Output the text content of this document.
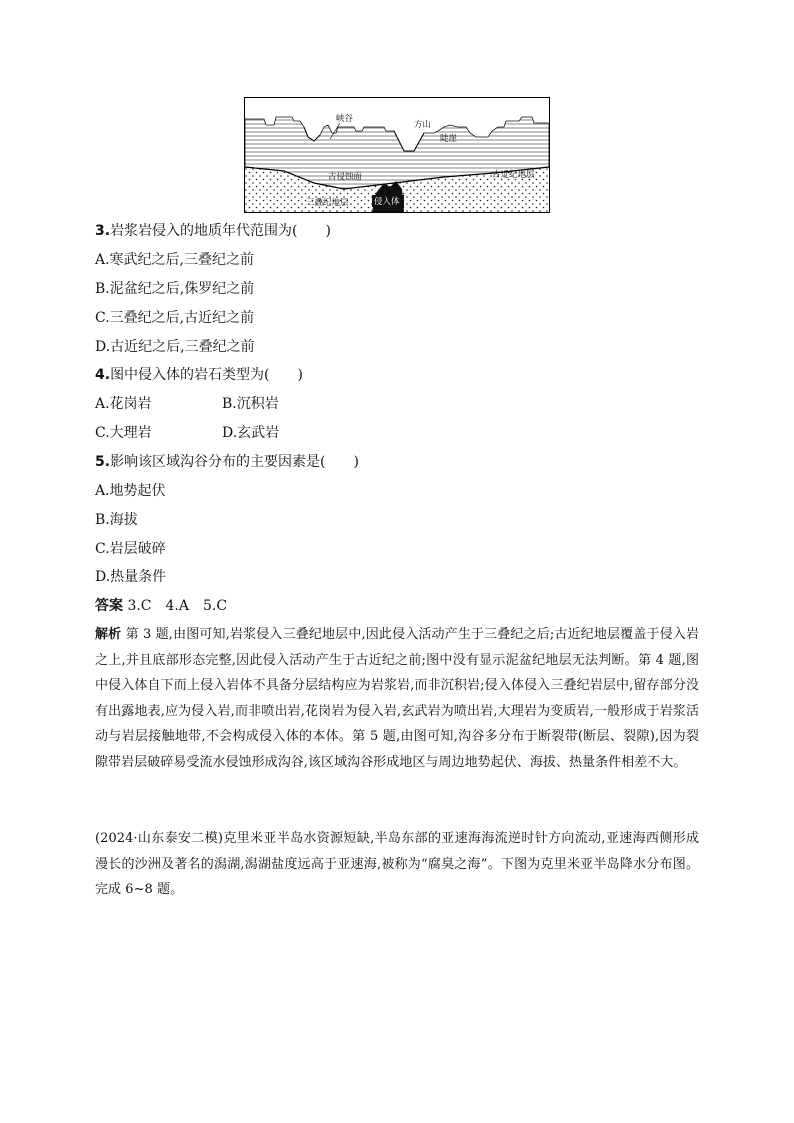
峡谷
方山
陡崖
古侵蚀面	古近纪地层
三叠纪地层	侵入体
3.岩浆岩侵入的地质年代范围为(　　)
A.寒武纪之后,三叠纪之前
B.泥盆纪之后,侏罗纪之前
C.三叠纪之后,古近纪之前
D.古近纪之后,三叠纪之前
4.图中侵入体的岩石类型为(　　)
A.花岗岩	B.沉积岩
C.大理岩	D.玄武岩
5.影响该区域沟谷分布的主要因素是(　　)
A.地势起伏
B.海拔
C.岩层破碎
D.热量条件
答案 3.C　4.A　5.C
解析 第 3 题,由图可知,岩浆侵入三叠纪地层中,因此侵入活动产生于三叠纪之后;古近纪地层覆盖于侵入岩之上,并且底部形态完整,因此侵入活动产生于古近纪之前;图中没有显示泥盆纪地层无法判断。第 4 题,图中侵入体自下而上侵入岩体不具备分层结构应为岩浆岩,而非沉积岩;侵入体侵入三叠纪岩层中,留存部分没有出露地表,应为侵入岩,而非喷出岩,花岗岩为侵入岩,玄武岩为喷出岩,大理岩为变质岩,一般形成于岩浆活动与岩层接触地带,不会构成侵入体的本体。第 5 题,由图可知,沟谷多分布于断裂带(断层、裂隙),因为裂隙带岩层破碎易受流水侵蚀形成沟谷,该区域沟谷形成地区与周边地势起伏、海拔、热量条件相差不大。
(2024·山东泰安二模)克里米亚半岛水资源短缺,半岛东部的亚速海海流逆时针方向流动,亚速海西侧形成漫长的沙洲及著名的潟湖,潟湖盐度远高于亚速海,被称为“腐臭之海”。下图为克里米亚半岛降水分布图。完成 6~8 题。
